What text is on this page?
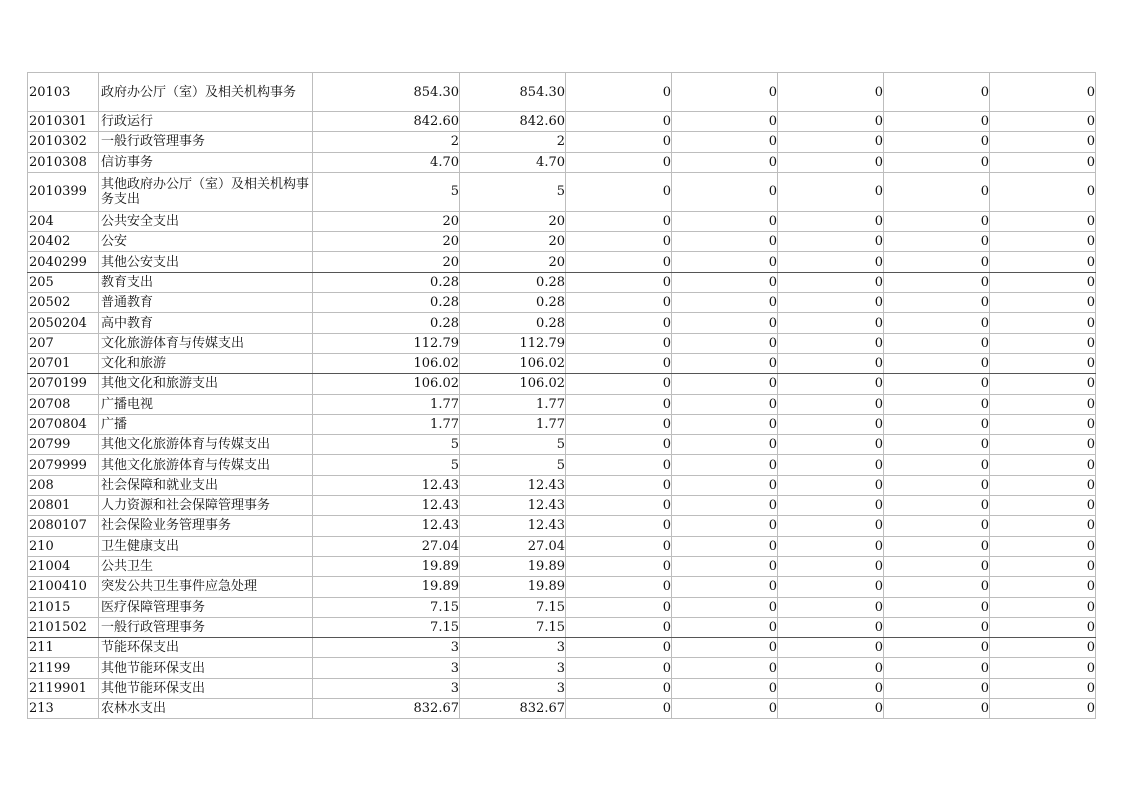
20103	政府办公厅（室）及相关机构事务	854.30	854.30	0	0	0	0	0
2010301	行政运行	842.60	842.60	0	0	0	0	0
2010302	一般行政管理事务	2	2	0	0	0	0	0
2010308	信访事务	4.70	4.70	0	0	0	0	0
2010399	其他政府办公厅（室）及相关机构事务支出	5	5	0	0	0	0	0
204	公共安全支出	20	20	0	0	0	0	0
20402	公安	20	20	0	0	0	0	0
2040299	其他公安支出	20	20	0	0	0	0	0
205	教育支出	0.28	0.28	0	0	0	0	0
20502	普通教育	0.28	0.28	0	0	0	0	0
2050204	高中教育	0.28	0.28	0	0	0	0	0
207	文化旅游体育与传媒支出	112.79	112.79	0	0	0	0	0
20701	文化和旅游	106.02	106.02	0	0	0	0	0
2070199	其他文化和旅游支出	106.02	106.02	0	0	0	0	0
20708	广播电视	1.77	1.77	0	0	0	0	0
2070804	广播	1.77	1.77	0	0	0	0	0
20799	其他文化旅游体育与传媒支出	5	5	0	0	0	0	0
2079999	其他文化旅游体育与传媒支出	5	5	0	0	0	0	0
208	社会保障和就业支出	12.43	12.43	0	0	0	0	0
20801	人力资源和社会保障管理事务	12.43	12.43	0	0	0	0	0
2080107	社会保险业务管理事务	12.43	12.43	0	0	0	0	0
210	卫生健康支出	27.04	27.04	0	0	0	0	0
21004	公共卫生	19.89	19.89	0	0	0	0	0
2100410	突发公共卫生事件应急处理	19.89	19.89	0	0	0	0	0
21015	医疗保障管理事务	7.15	7.15	0	0	0	0	0
2101502	一般行政管理事务	7.15	7.15	0	0	0	0	0
211	节能环保支出	3	3	0	0	0	0	0
21199	其他节能环保支出	3	3	0	0	0	0	0
2119901	其他节能环保支出	3	3	0	0	0	0	0
213	农林水支出	832.67	832.67	0	0	0	0	0
